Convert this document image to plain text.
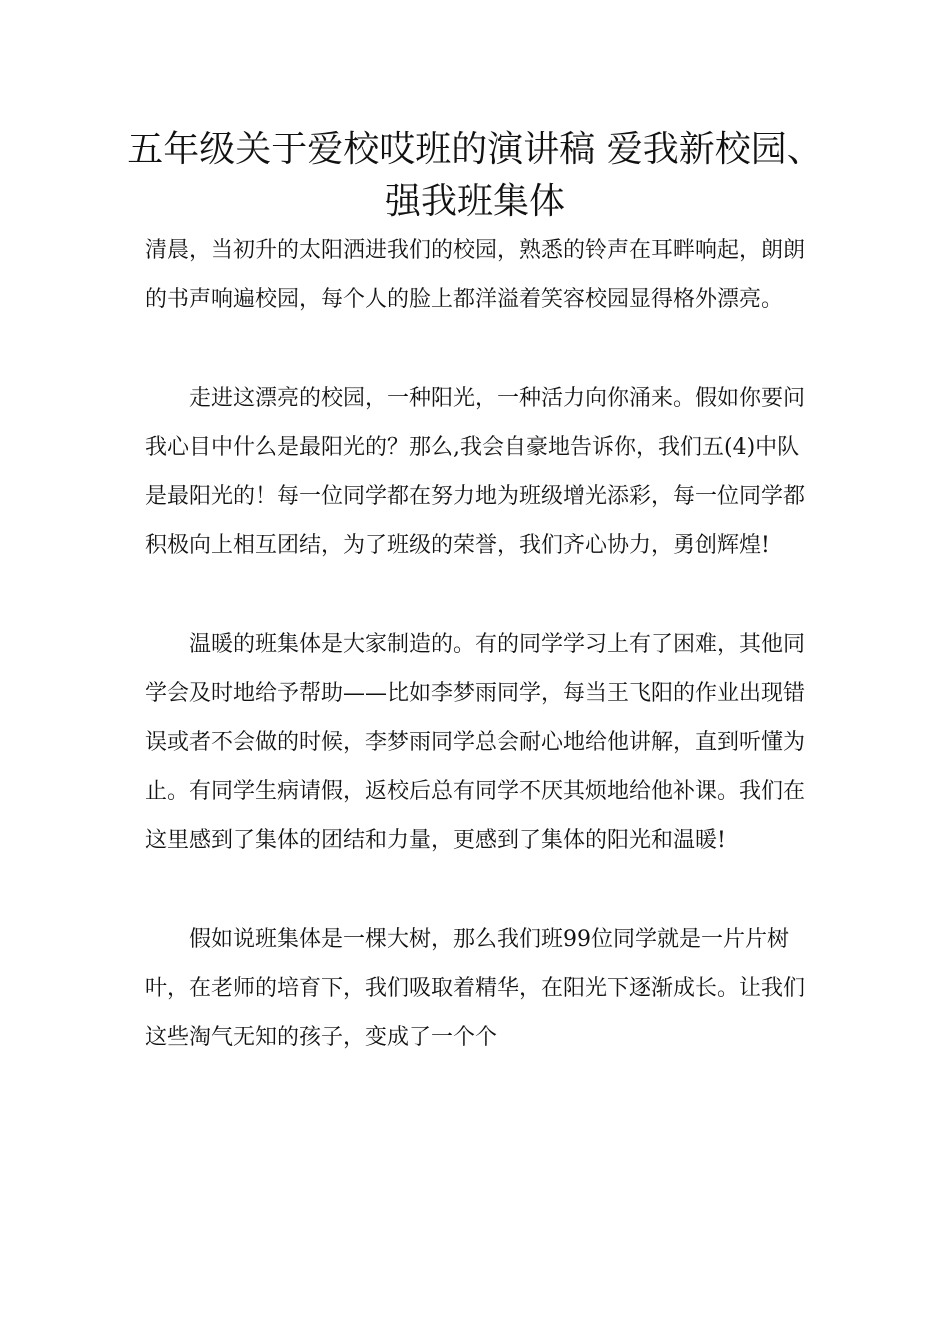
五年级关于爱校哎班的演讲稿 爱我新校园、强我班集体

清晨，当初升的太阳洒进我们的校园，熟悉的铃声在耳畔响起，朗朗的书声响遍校园，每个人的脸上都洋溢着笑容校园显得格外漂亮。

走进这漂亮的校园，一种阳光，一种活力向你涌来。假如你要问我心目中什么是最阳光的？那么,我会自豪地告诉你，我们五(4)中队是最阳光的！每一位同学都在努力地为班级增光添彩，每一位同学都积极向上相互团结，为了班级的荣誉，我们齐心协力，勇创辉煌!

温暖的班集体是大家制造的。有的同学学习上有了困难，其他同学会及时地给予帮助——比如李梦雨同学，每当王飞阳的作业出现错误或者不会做的时候，李梦雨同学总会耐心地给他讲解，直到听懂为止。有同学生病请假，返校后总有同学不厌其烦地给他补课。我们在这里感到了集体的团结和力量，更感到了集体的阳光和温暖!

假如说班集体是一棵大树，那么我们班99位同学就是一片片树叶，在老师的培育下，我们吸取着精华，在阳光下逐渐成长。让我们这些淘气无知的孩子，变成了一个个
